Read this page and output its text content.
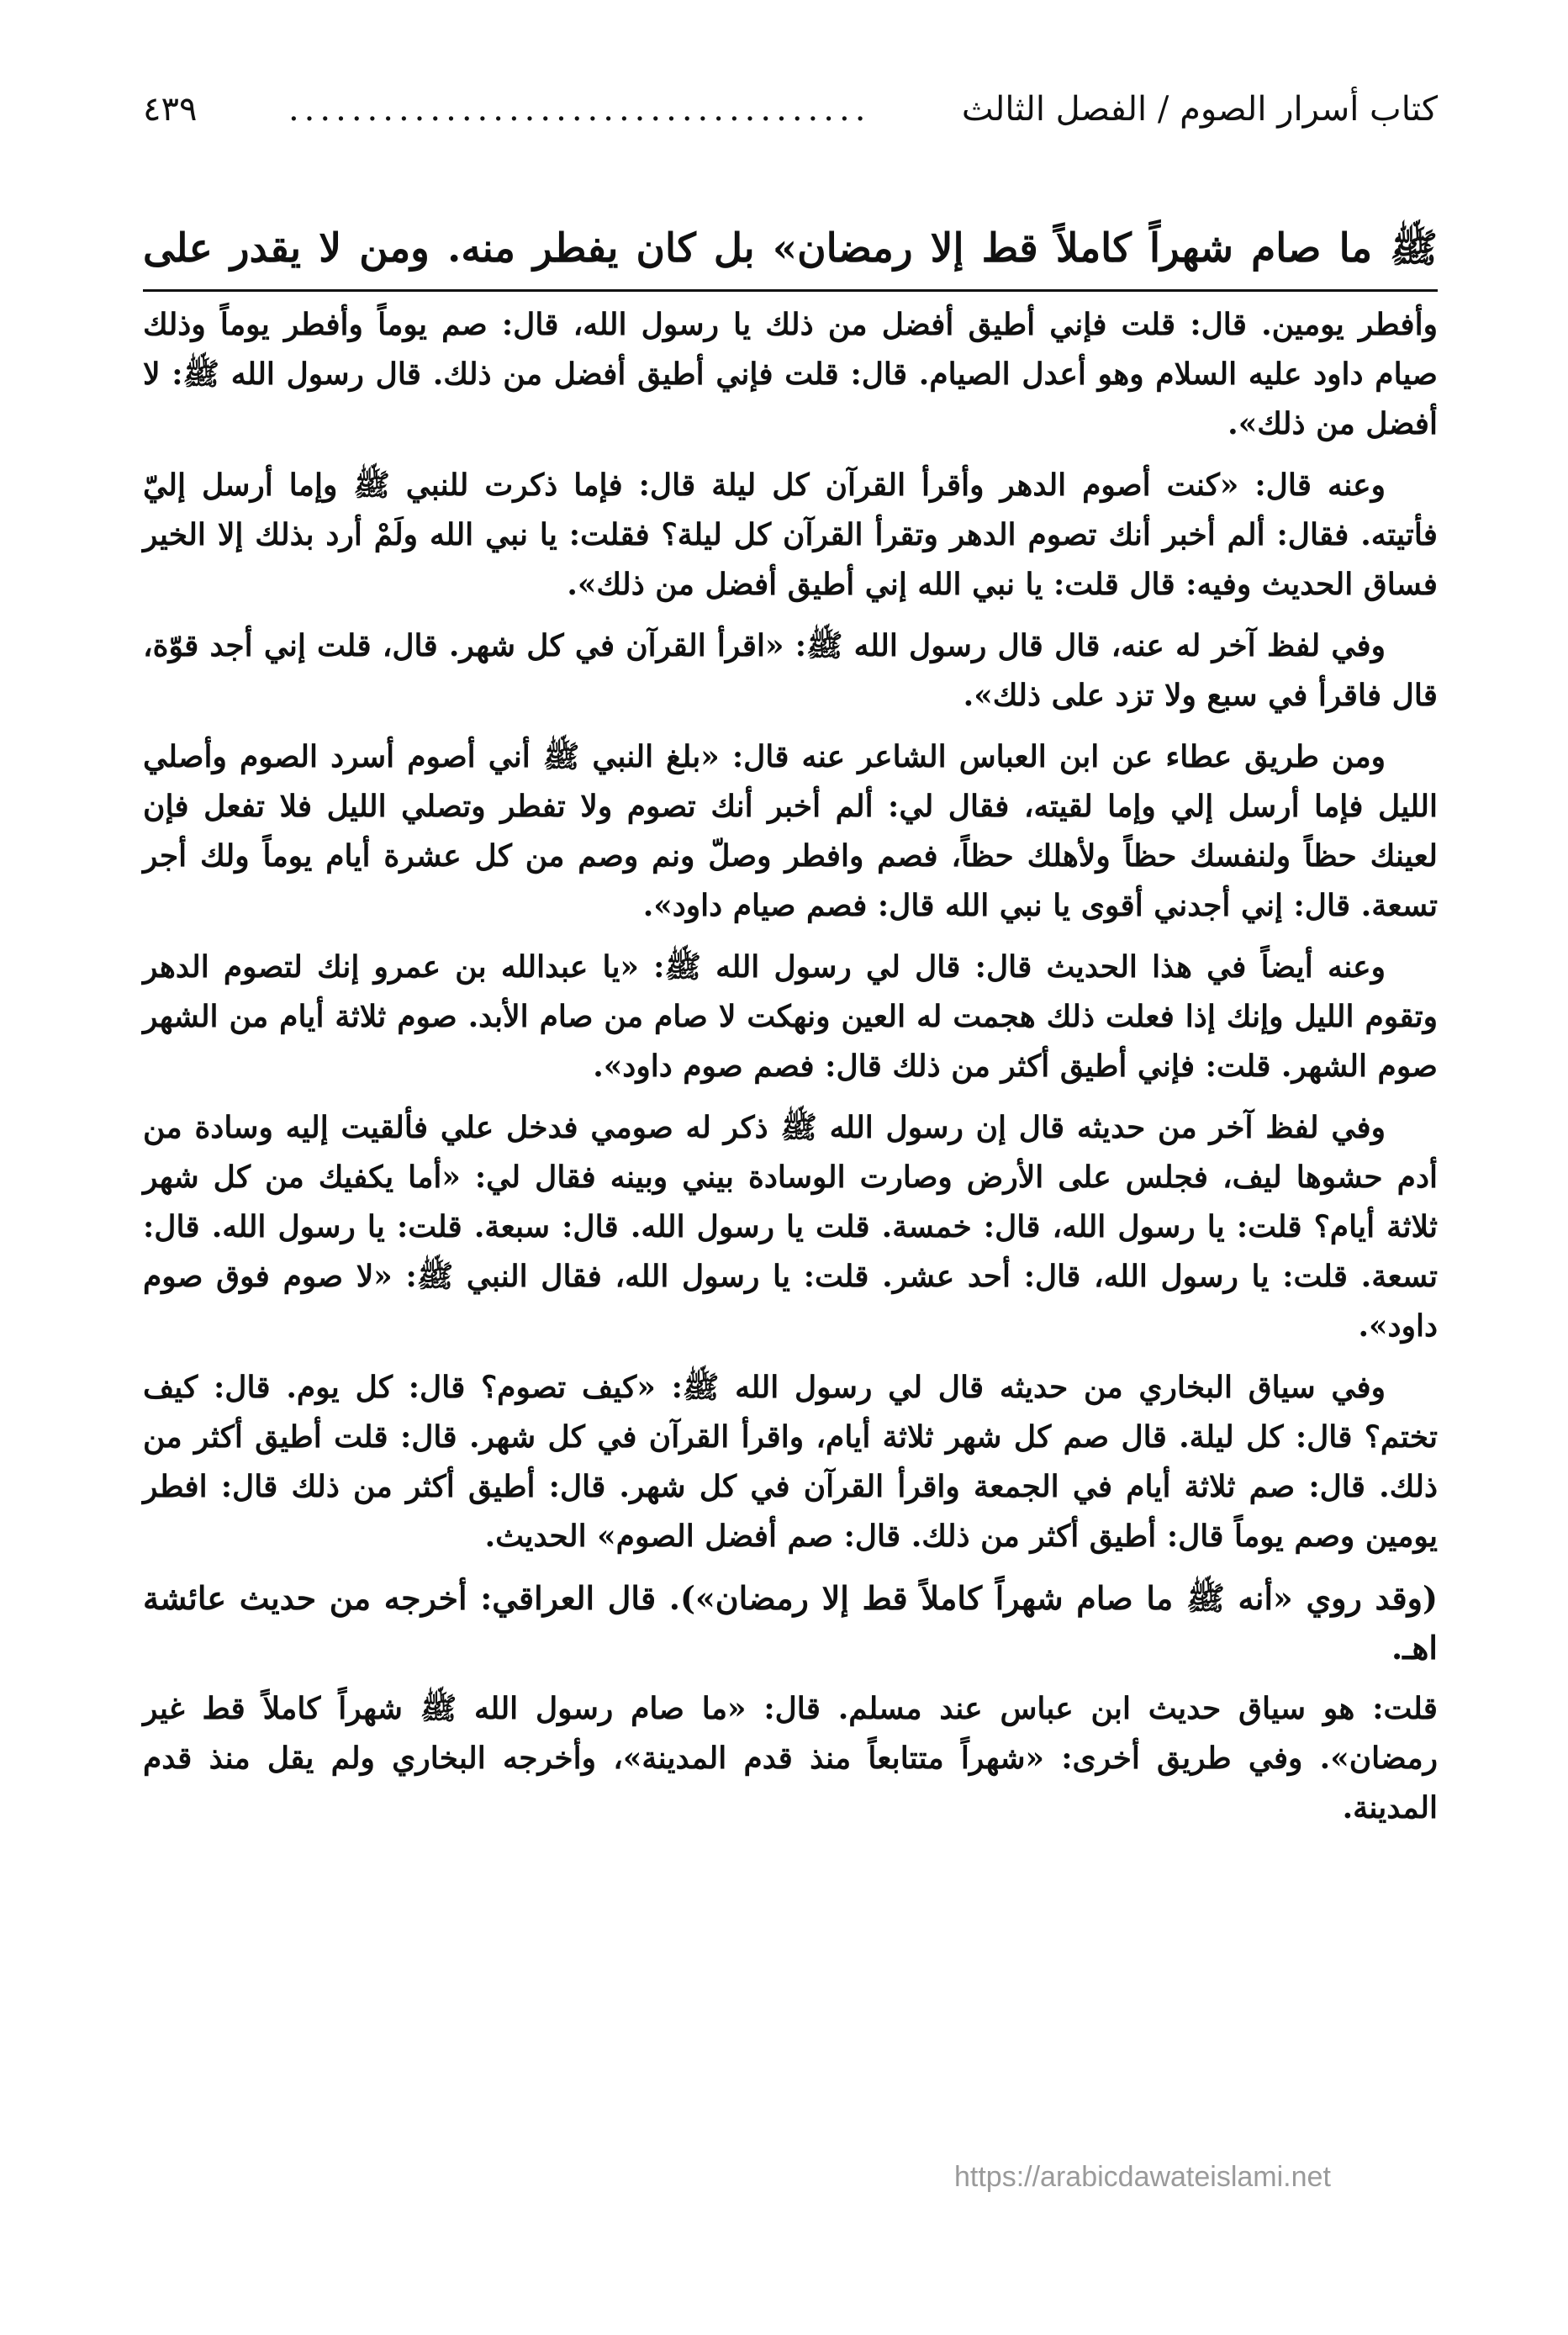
كتاب أسرار الصوم / الفصل الثالث
.....................................
٤٣٩
ﷺ ما صام شهراً كاملاً قط إلا رمضان» بل كان يفطر منه. ومن لا يقدر على

وأفطر يومين. قال: قلت فإني أطيق أفضل من ذلك يا رسول الله، قال: صم يوماً وأفطر يوماً وذلك صيام داود عليه السلام وهو أعدل الصيام. قال: قلت فإني أطيق أفضل من ذلك. قال رسول الله ﷺ: لا أفضل من ذلك».

وعنه قال: «كنت أصوم الدهر وأقرأ القرآن كل ليلة قال: فإما ذكرت للنبي ﷺ وإما أرسل إليّ فأتيته. فقال: ألم أخبر أنك تصوم الدهر وتقرأ القرآن كل ليلة؟ فقلت: يا نبي الله ولَمْ أرد بذلك إلا الخير فساق الحديث وفيه: قال قلت: يا نبي الله إني أطيق أفضل من ذلك».

وفي لفظ آخر له عنه، قال قال رسول الله ﷺ: «اقرأ القرآن في كل شهر. قال، قلت إني أجد قوّة، قال فاقرأ في سبع ولا تزد على ذلك».

ومن طريق عطاء عن ابن العباس الشاعر عنه قال: «بلغ النبي ﷺ أني أصوم أسرد الصوم وأصلي الليل فإما أرسل إلي وإما لقيته، فقال لي: ألم أخبر أنك تصوم ولا تفطر وتصلي الليل فلا تفعل فإن لعينك حظاً ولنفسك حظاً ولأهلك حظاً، فصم وافطر وصلّ ونم وصم من كل عشرة أيام يوماً ولك أجر تسعة. قال: إني أجدني أقوى يا نبي الله قال: فصم صيام داود».

وعنه أيضاً في هذا الحديث قال: قال لي رسول الله ﷺ: «يا عبدالله بن عمرو إنك لتصوم الدهر وتقوم الليل وإنك إذا فعلت ذلك هجمت له العين ونهكت لا صام من صام الأبد. صوم ثلاثة أيام من الشهر صوم الشهر. قلت: فإني أطيق أكثر من ذلك قال: فصم صوم داود».

وفي لفظ آخر من حديثه قال إن رسول الله ﷺ ذكر له صومي فدخل علي فألقيت إليه وسادة من أدم حشوها ليف، فجلس على الأرض وصارت الوسادة بيني وبينه فقال لي: «أما يكفيك من كل شهر ثلاثة أيام؟ قلت: يا رسول الله، قال: خمسة. قلت يا رسول الله. قال: سبعة. قلت: يا رسول الله. قال: تسعة. قلت: يا رسول الله، قال: أحد عشر. قلت: يا رسول الله، فقال النبي ﷺ: «لا صوم فوق صوم داود».

وفي سياق البخاري من حديثه قال لي رسول الله ﷺ: «كيف تصوم؟ قال: كل يوم. قال: كيف تختم؟ قال: كل ليلة. قال صم كل شهر ثلاثة أيام، واقرأ القرآن في كل شهر. قال: قلت أطيق أكثر من ذلك. قال: صم ثلاثة أيام في الجمعة واقرأ القرآن في كل شهر. قال: أطيق أكثر من ذلك قال: افطر يومين وصم يوماً قال: أطيق أكثر من ذلك. قال: صم أفضل الصوم» الحديث.

(وقد روي «أنه ﷺ ما صام شهراً كاملاً قط إلا رمضان»). قال العراقي: أخرجه من حديث عائشة اهـ.

قلت: هو سياق حديث ابن عباس عند مسلم. قال: «ما صام رسول الله ﷺ شهراً كاملاً قط غير رمضان». وفي طريق أخرى: «شهراً متتابعاً منذ قدم المدينة»، وأخرجه البخاري ولم يقل منذ قدم المدينة.

https://arabicdawateislami.net
